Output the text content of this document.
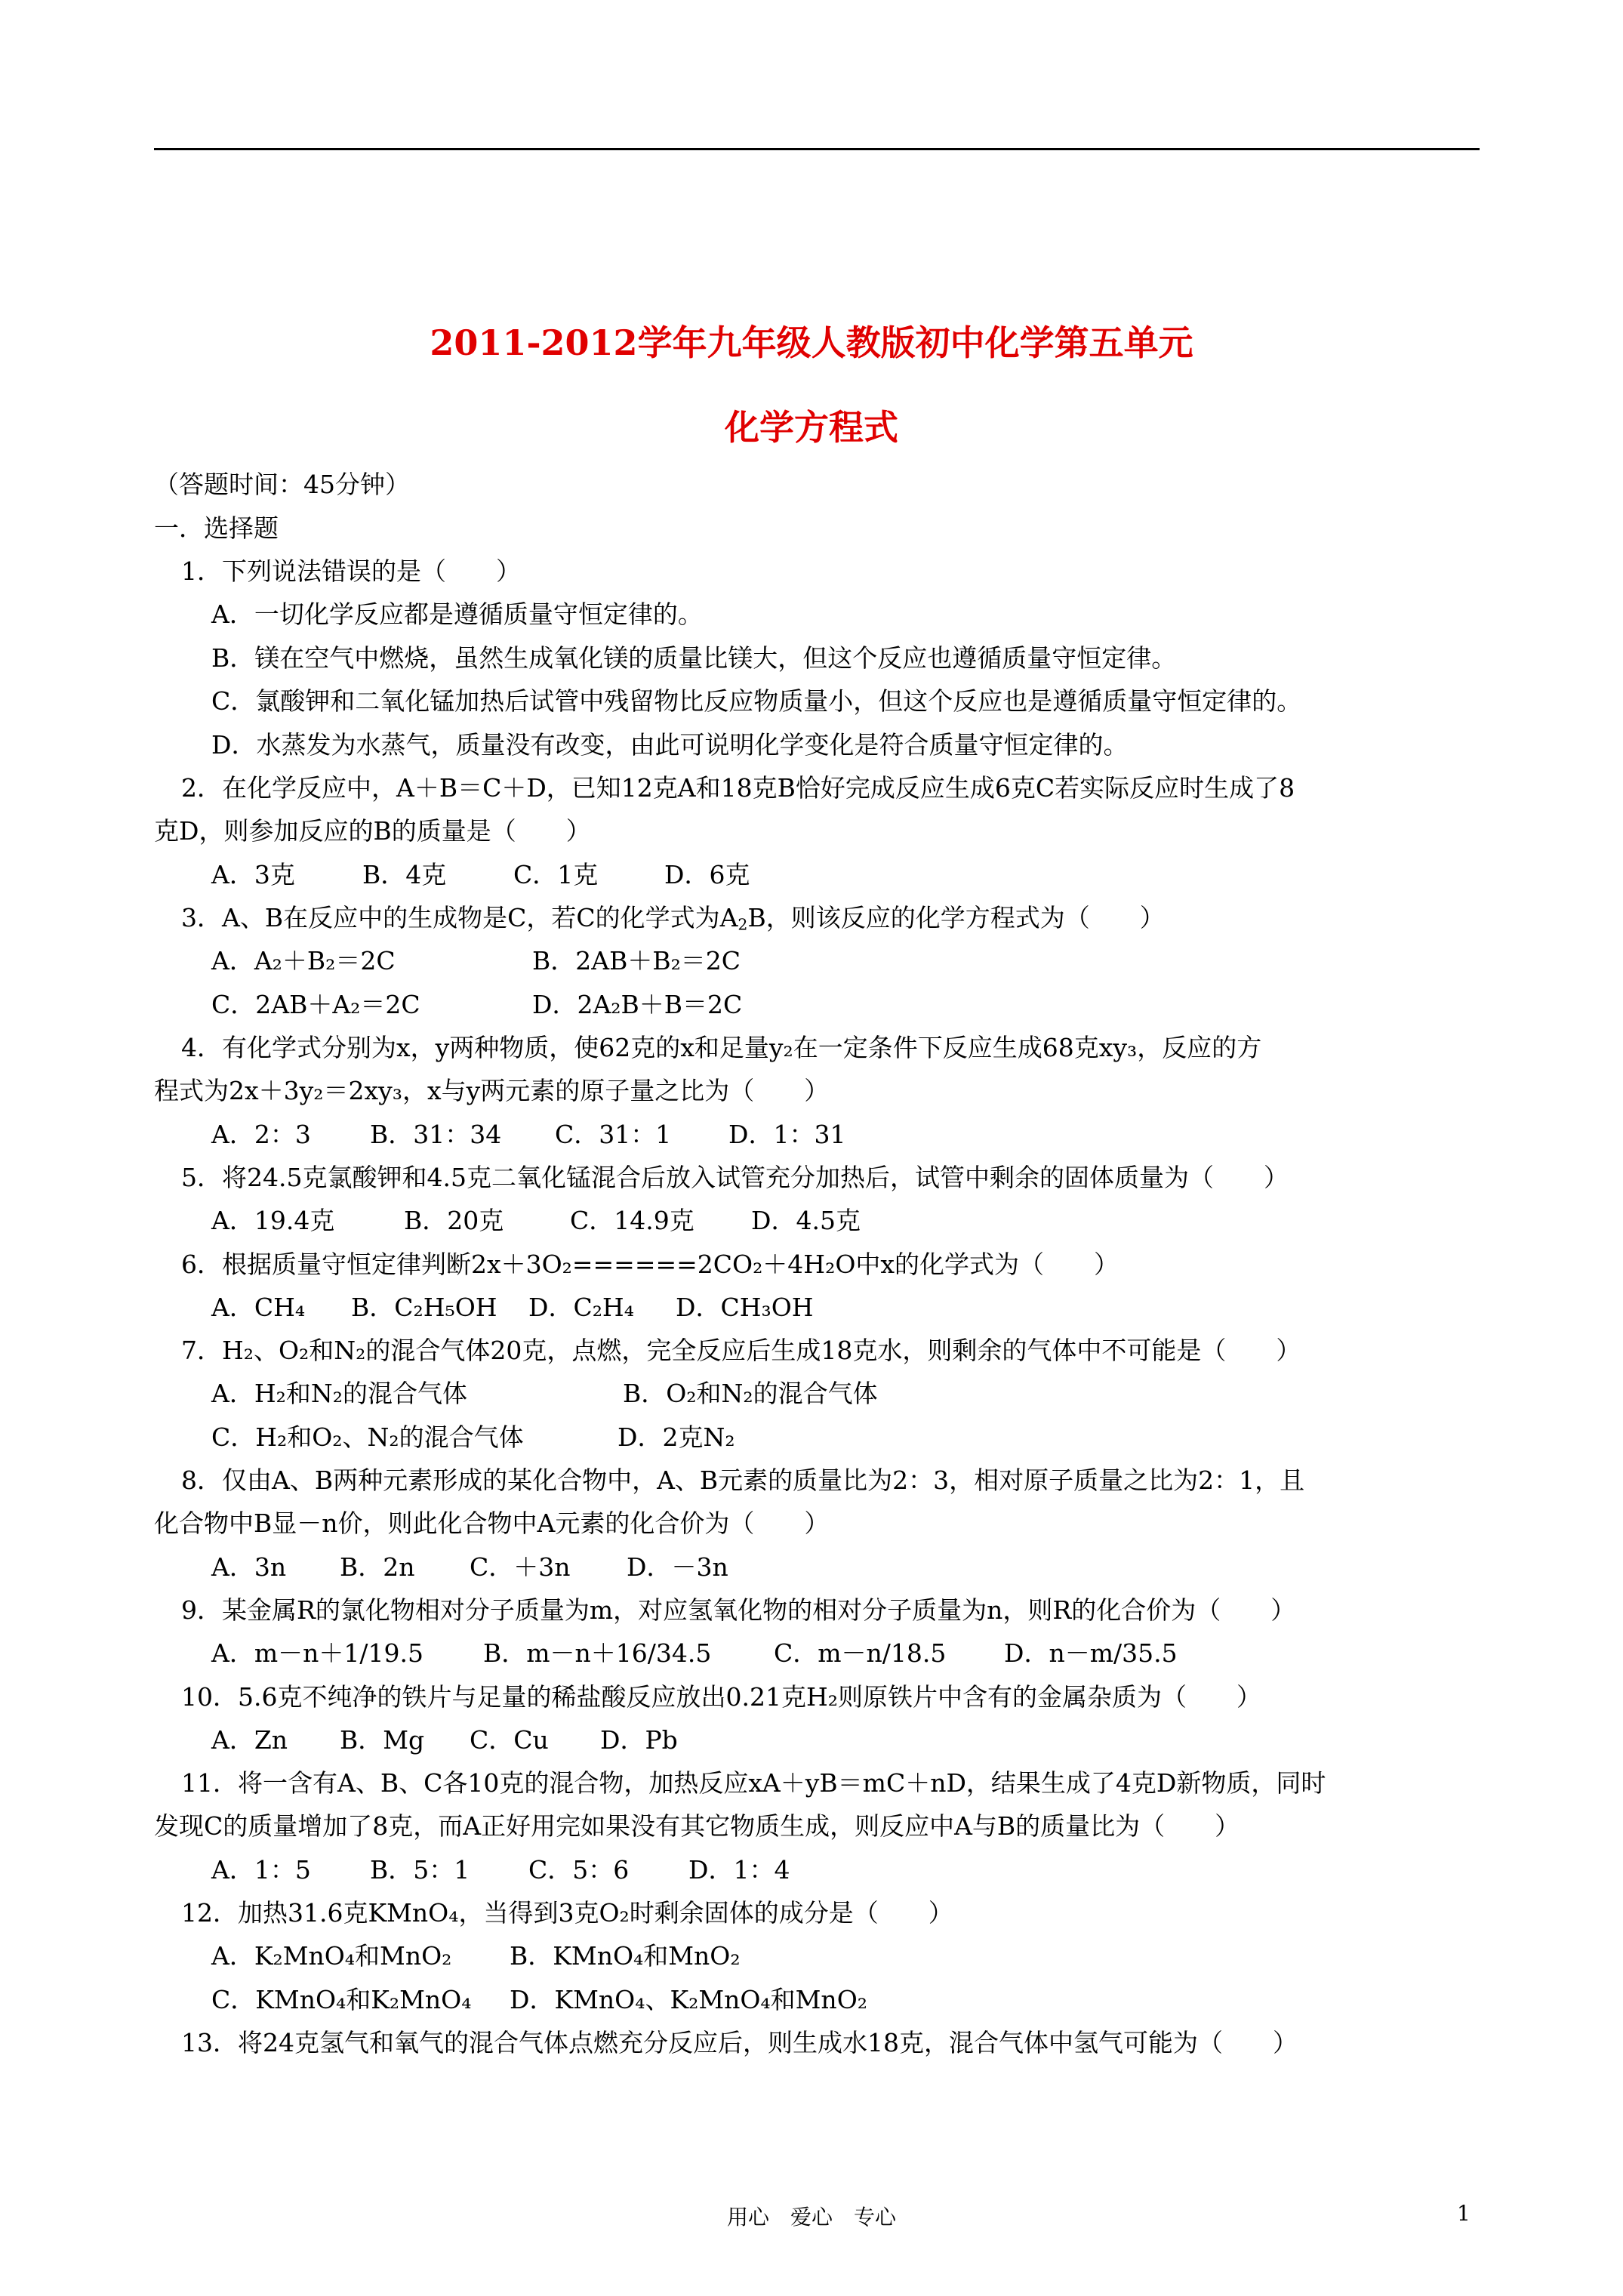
2011-2012学年九年级人教版初中化学第五单元
化学方程式
（答题时间：45分钟）
一．选择题
1．下列说法错误的是（　　）
A．一切化学反应都是遵循质量守恒定律的。
B．镁在空气中燃烧，虽然生成氧化镁的质量比镁大，但这个反应也遵循质量守恒定律。
C．氯酸钾和二氧化锰加热后试管中残留物比反应物质量小，但这个反应也是遵循质量守恒定律的。
D．水蒸发为水蒸气，质量没有改变，由此可说明化学变化是符合质量守恒定律的。
2．在化学反应中，A＋B＝C＋D，已知12克A和18克B恰好完成反应生成6克C若实际反应时生成了8
克D，则参加反应的B的质量是（　　）
A．3克	B．4克	C．1克	D．6克
3．A、B在反应中的生成物是C，若C的化学式为$A_2B$，则该反应的化学方程式为（　　）
A．A₂＋B₂＝2C	B．2AB＋B₂＝2C
C．2AB＋A₂＝2C	D．2A₂B＋B＝2C
4．有化学式分别为x，y两种物质，使62克的x和足量y₂在一定条件下反应生成68克xy₃，反应的方
程式为2x＋3y₂＝2xy₃，x与y两元素的原子量之比为（　　）
A．2：3 B．31：34 C．31：1 D．1：31
5．将24.5克氯酸钾和4.5克二氧化锰混合后放入试管充分加热后，试管中剩余的固体质量为（　　）
A．19.4克	B．20克	C．14.9克 D．4.5克
6．根据质量守恒定律判断2x＋3O₂======2CO₂＋4H₂O中x的化学式为（　　）
A．CH₄ B．C₂H₅OH D．C₂H₄ D．CH₃OH
7．H₂、O₂和N₂的混合气体20克，点燃，完全反应后生成18克水，则剩余的气体中不可能是（　　）
A．H₂和N₂的混合气体	B．O₂和N₂的混合气体
C．H₂和O₂、N₂的混合气体	D．2克N₂
8．仅由A、B两种元素形成的某化合物中，A、B元素的质量比为2：3，相对原子质量之比为2：1，且
化合物中B显－n价，则此化合物中A元素的化合价为（　　）
A．3n B．2n C．＋3n D．－3n
9．某金属R的氯化物相对分子质量为m，对应氢氧化物的相对分子质量为n，则R的化合价为（　　）
A．m－n＋1/19.5 B．m－n＋16/34.5	C．m－n/18.5 D．n－m/35.5
10．5.6克不纯净的铁片与足量的稀盐酸反应放出0.21克H₂则原铁片中含有的金属杂质为（　　）
A．Zn B．Mg C．Cu D．Pb
11．将一含有A、B、C各10克的混合物，加热反应xA＋yB＝mC＋nD，结果生成了4克D新物质，同时
发现C的质量增加了8克，而A正好用完如果没有其它物质生成，则反应中A与B的质量比为（　　）
A．1：5 B．5：1 C．5：6 D．1：4
12．加热31.6克KMnO₄，当得到3克O₂时剩余固体的成分是（　　）
A．K₂MnO₄和MnO₂ B．KMnO₄和MnO₂
C．KMnO₄和K₂MnO₄ D．KMnO₄、K₂MnO₄和MnO₂
13．将24克氢气和氧气的混合气体点燃充分反应后，则生成水18克，混合气体中氢气可能为（　　）
用心　爱心　专心	1
